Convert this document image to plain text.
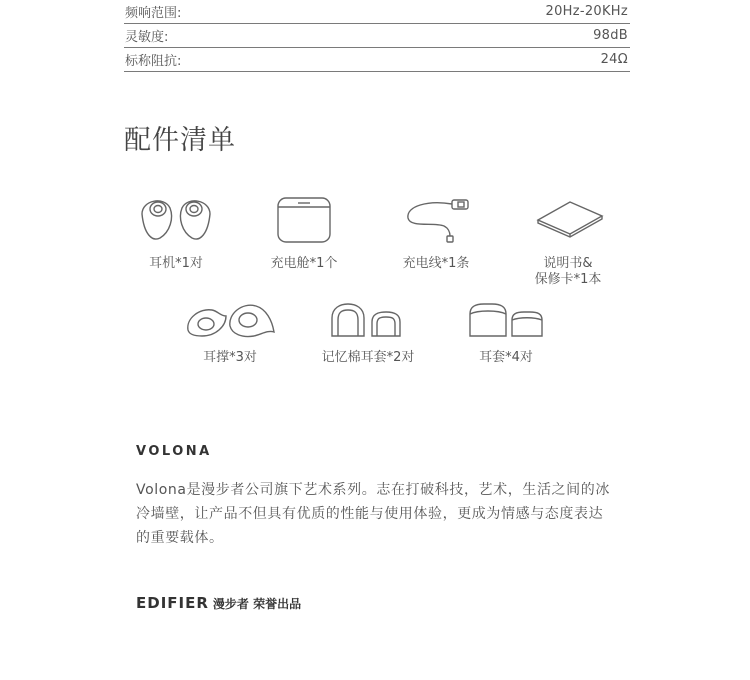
频响范围:	20Hz-20KHz
灵敏度:	98dB
标称阻抗:	24Ω
配件清单
耳机*1对	充电舱*1个	充电线*1条	说明书&
保修卡*1本
耳撑*3对	记忆棉耳套*2对	耳套*4对
VOLONA

Volona是漫步者公司旗下艺术系列。志在打破科技，艺术，生活之间的冰冷墙壁，让产品不但具有优质的性能与使用体验，更成为情感与态度表达的重要载体。

EDIFIER 漫步者 荣誉出品
